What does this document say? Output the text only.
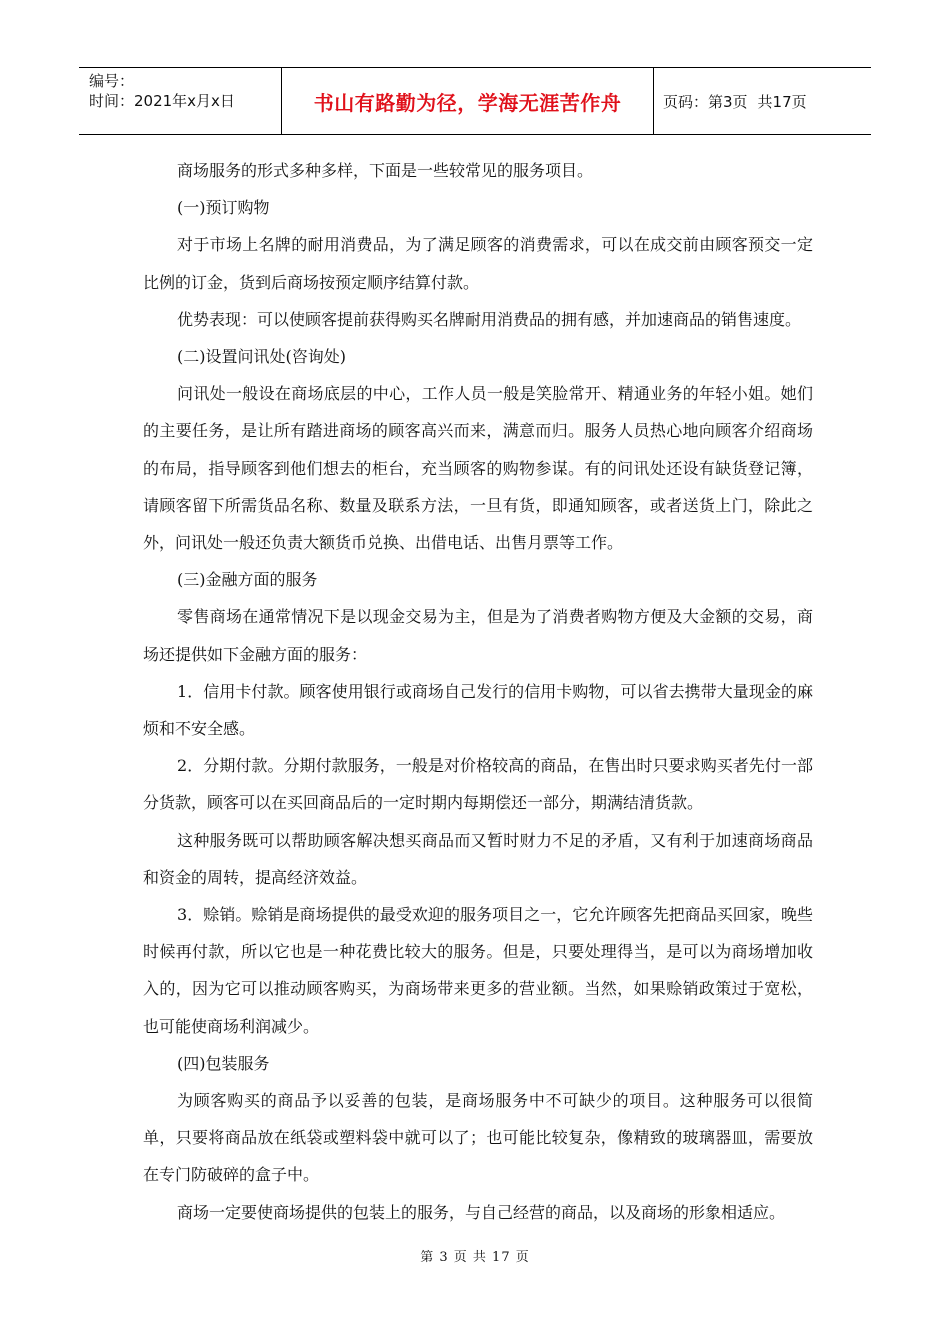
编号：
时间：2021年x月x日	书山有路勤为径，学海无涯苦作舟	页码：第3页 共17页

商场服务的形式多种多样，下面是一些较常见的服务项目。

(一)预订购物

对于市场上名牌的耐用消费品，为了满足顾客的消费需求，可以在成交前由顾客预交一定比例的订金，货到后商场按预定顺序结算付款。

优势表现：可以使顾客提前获得购买名牌耐用消费品的拥有感，并加速商品的销售速度。

(二)设置问讯处(咨询处)

问讯处一般设在商场底层的中心，工作人员一般是笑脸常开、精通业务的年轻小姐。她们的主要任务，是让所有踏进商场的顾客高兴而来，满意而归。服务人员热心地向顾客介绍商场的布局，指导顾客到他们想去的柜台，充当顾客的购物参谋。有的问讯处还设有缺货登记簿，请顾客留下所需货品名称、数量及联系方法，一旦有货，即通知顾客，或者送货上门，除此之外，问讯处一般还负责大额货币兑换、出借电话、出售月票等工作。

(三)金融方面的服务

零售商场在通常情况下是以现金交易为主，但是为了消费者购物方便及大金额的交易，商场还提供如下金融方面的服务：

1．信用卡付款。顾客使用银行或商场自己发行的信用卡购物，可以省去携带大量现金的麻烦和不安全感。

2．分期付款。分期付款服务，一般是对价格较高的商品，在售出时只要求购买者先付一部分货款，顾客可以在买回商品后的一定时期内每期偿还一部分，期满结清货款。

这种服务既可以帮助顾客解决想买商品而又暂时财力不足的矛盾，又有利于加速商场商品和资金的周转，提高经济效益。

3．赊销。赊销是商场提供的最受欢迎的服务项目之一，它允许顾客先把商品买回家，晚些时候再付款，所以它也是一种花费比较大的服务。但是，只要处理得当，是可以为商场增加收入的，因为它可以推动顾客购买，为商场带来更多的营业额。当然，如果赊销政策过于宽松，也可能使商场利润减少。

(四)包装服务

为顾客购买的商品予以妥善的包装，是商场服务中不可缺少的项目。这种服务可以很简单，只要将商品放在纸袋或塑料袋中就可以了；也可能比较复杂，像精致的玻璃器皿，需要放在专门防破碎的盒子中。

商场一定要使商场提供的包装上的服务，与自己经营的商品，以及商场的形象相适应。

第 3 页 共 17 页
